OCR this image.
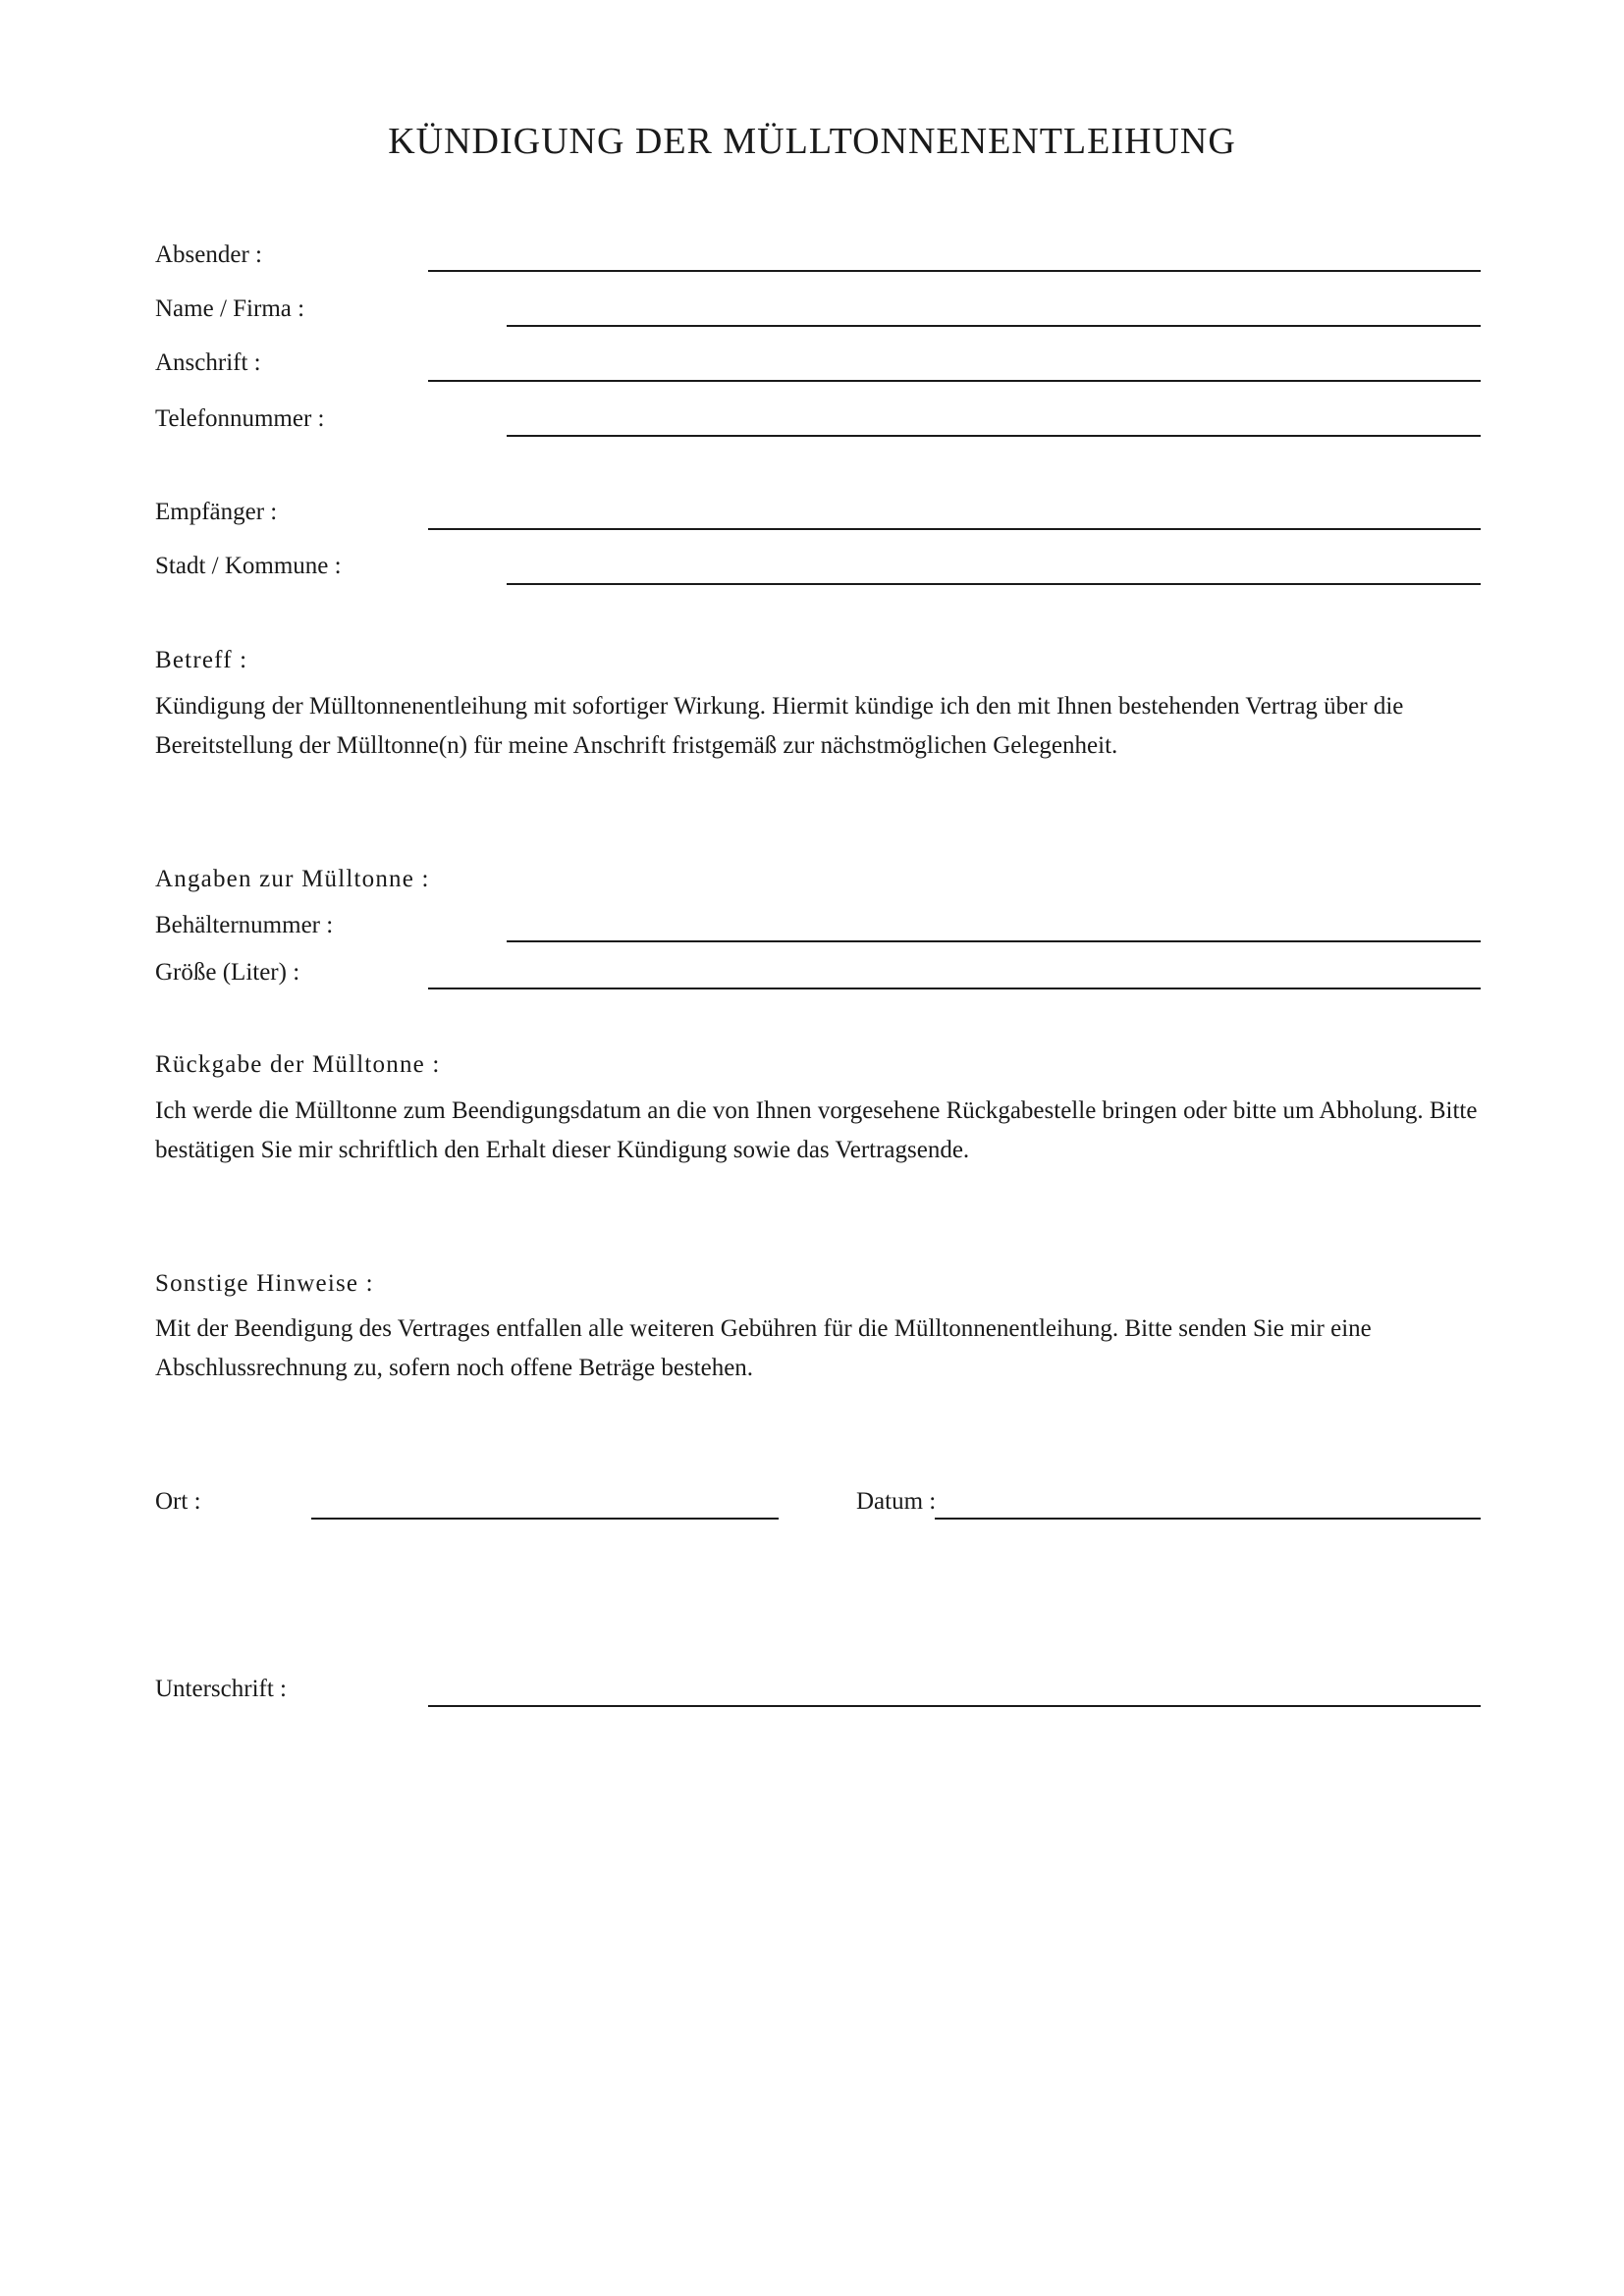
KÜNDIGUNG DER MÜLLTONNENENTLEIHUNG
Absender :
Name / Firma :
Anschrift :
Telefonnummer :
Empfänger :
Stadt / Kommune :
Betreff :
Kündigung der Mülltonnenentleihung mit sofortiger Wirkung. Hiermit kündige ich den mit Ihnen bestehenden Vertrag über die Bereitstellung der Mülltonne(n) für meine Anschrift fristgemäß zur nächstmöglichen Gelegenheit.
Angaben zur Mülltonne :
Behälternummer :
Größe (Liter) :
Rückgabe der Mülltonne :
Ich werde die Mülltonne zum Beendigungsdatum an die von Ihnen vorgesehene Rückgabestelle bringen oder bitte um Abholung. Bitte bestätigen Sie mir schriftlich den Erhalt dieser Kündigung sowie das Vertragsende.
Sonstige Hinweise :
Mit der Beendigung des Vertrages entfallen alle weiteren Gebühren für die Mülltonnenentleihung. Bitte senden Sie mir eine Abschlussrechnung zu, sofern noch offene Beträge bestehen.
Ort :	Datum :
Unterschrift :
